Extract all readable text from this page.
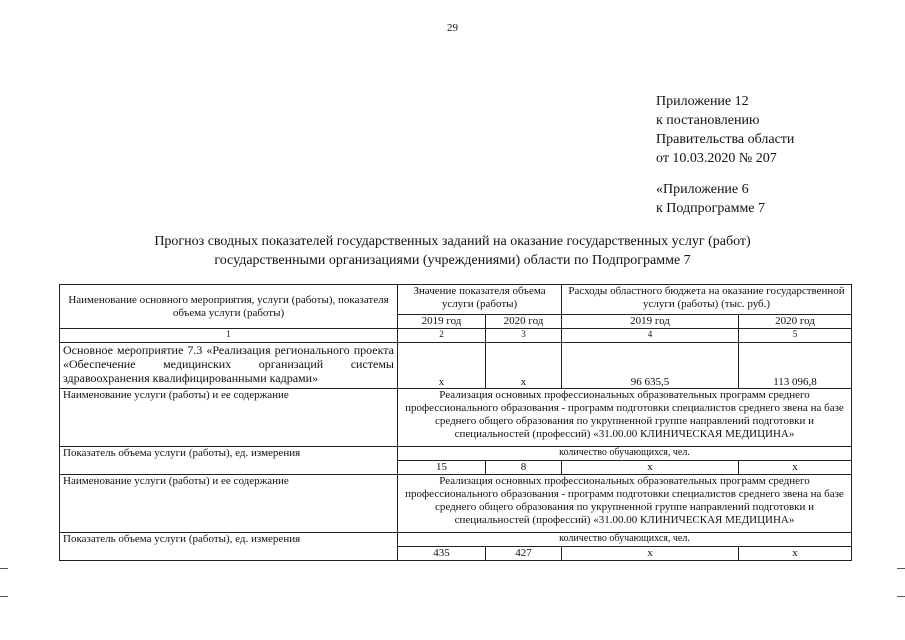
29
Приложение 12
к постановлению
Правительства области
от 10.03.2020 № 207
«Приложение 6
к Подпрограмме 7
Прогноз сводных показателей государственных заданий на оказание государственных услуг (работ)
государственными организациями (учреждениями) области по Подпрограмме 7
Наименование основного мероприятия, услуги (работы), показателя объема услуги (работы)	Значение показателя объема услуги (работы)		Расходы областного бюджета на оказание государственной услуги (работы) (тыс. руб.)	
	2019 год	2020 год	2019 год	2020 год
1	2	3	4	5
Основное мероприятие 7.3 «Реализация регионального проекта «Обеспечение медицинских организаций системы здравоохранения квалифицированными кадрами»	х	х	96 635,5	113 096,8
Наименование услуги (работы) и ее содержание	Реализация основных профессиональных образовательных программ среднего профессионального образования - программ подготовки специалистов среднего звена на базе среднего общего образования по укрупненной группе направлений подготовки и специальностей (профессий) «31.00.00 КЛИНИЧЕСКАЯ МЕДИЦИНА»			
Показатель объема услуги (работы), ед. измерения	количество обучающихся, чел.			
	15	8	х	х
Наименование услуги (работы) и ее содержание	Реализация основных профессиональных образовательных программ среднего профессионального образования - программ подготовки специалистов среднего звена на базе среднего общего образования по укрупненной группе направлений подготовки и специальностей (профессий) «31.00.00 КЛИНИЧЕСКАЯ МЕДИЦИНА»			
Показатель объема услуги (работы), ед. измерения	количество обучающихся, чел.			
	435	427	х	х
